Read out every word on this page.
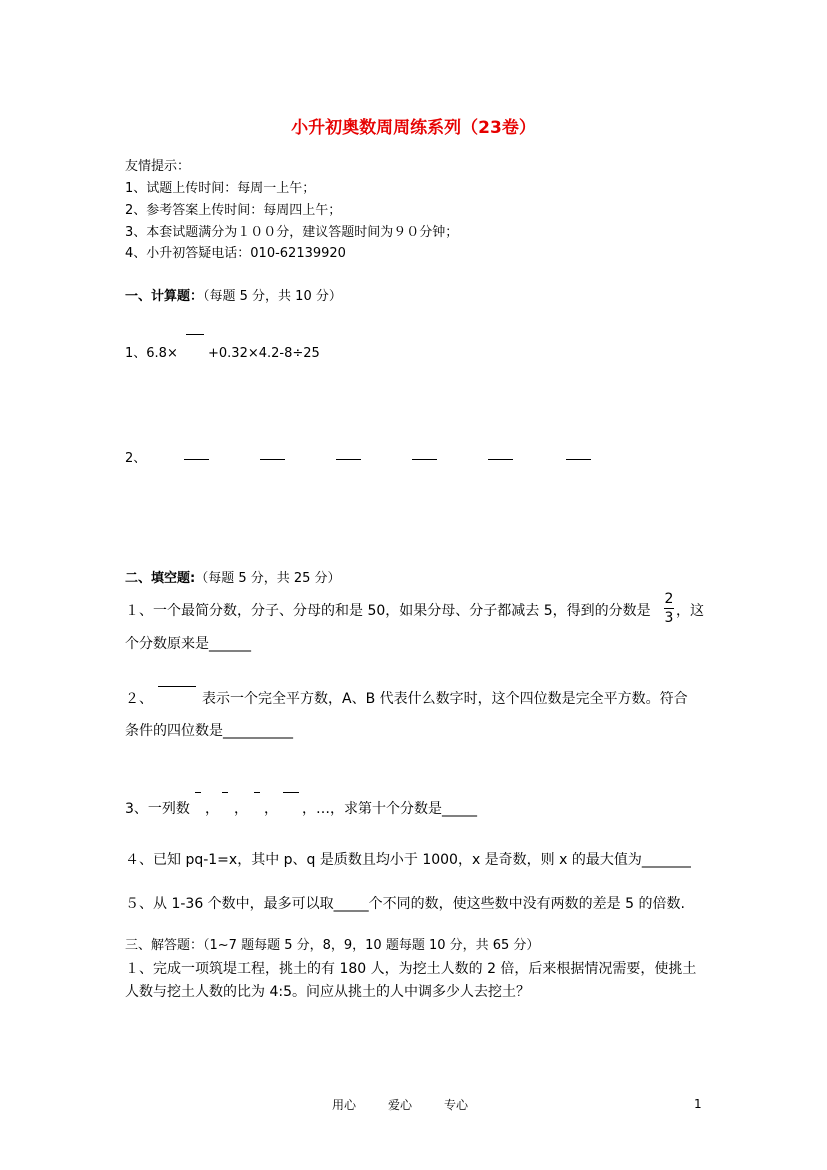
小升初奥数周周练系列（23卷）
友情提示：
1、试题上传时间：每周一上午；
2、参考答案上传时间：每周四上午；
3、本套试题满分为１００分，建议答题时间为９０分钟；
4、小升初答疑电话：010-62139920
一、计算题：（每题 5 分，共 10 分）
1、6.8× +0.32×4.2-8÷25
2、
二、填空题:（每题 5 分，共 25 分）
１、一个最简分数，分子、分母的和是 50，如果分母、分子都减去 5，得到的分数是
2
3 ，这
个分数原来是______
２、	表示一个完全平方数，A、B 代表什么数字时，这个四位数是完全平方数。符合
条件的四位数是__________
3、一列数 ， ， ， ，…，求第十个分数是_____
４、已知 pq-1=x，其中 p、q 是质数且均小于 1000，x 是奇数，则 x 的最大值为_______
５、从 1-36 个数中，最多可以取_____个不同的数，使这些数中没有两数的差是 5 的倍数.
三、解答题：（1~7 题每题 5 分，8，9，10 题每题 10 分，共 65 分）
１、完成一项筑堤工程，挑土的有 180 人，为挖土人数的 2 倍，后来根据情况需要，使挑土
人数与挖土人数的比为 4:5。问应从挑土的人中调多少人去挖土？
用心	爱心	专心	1
